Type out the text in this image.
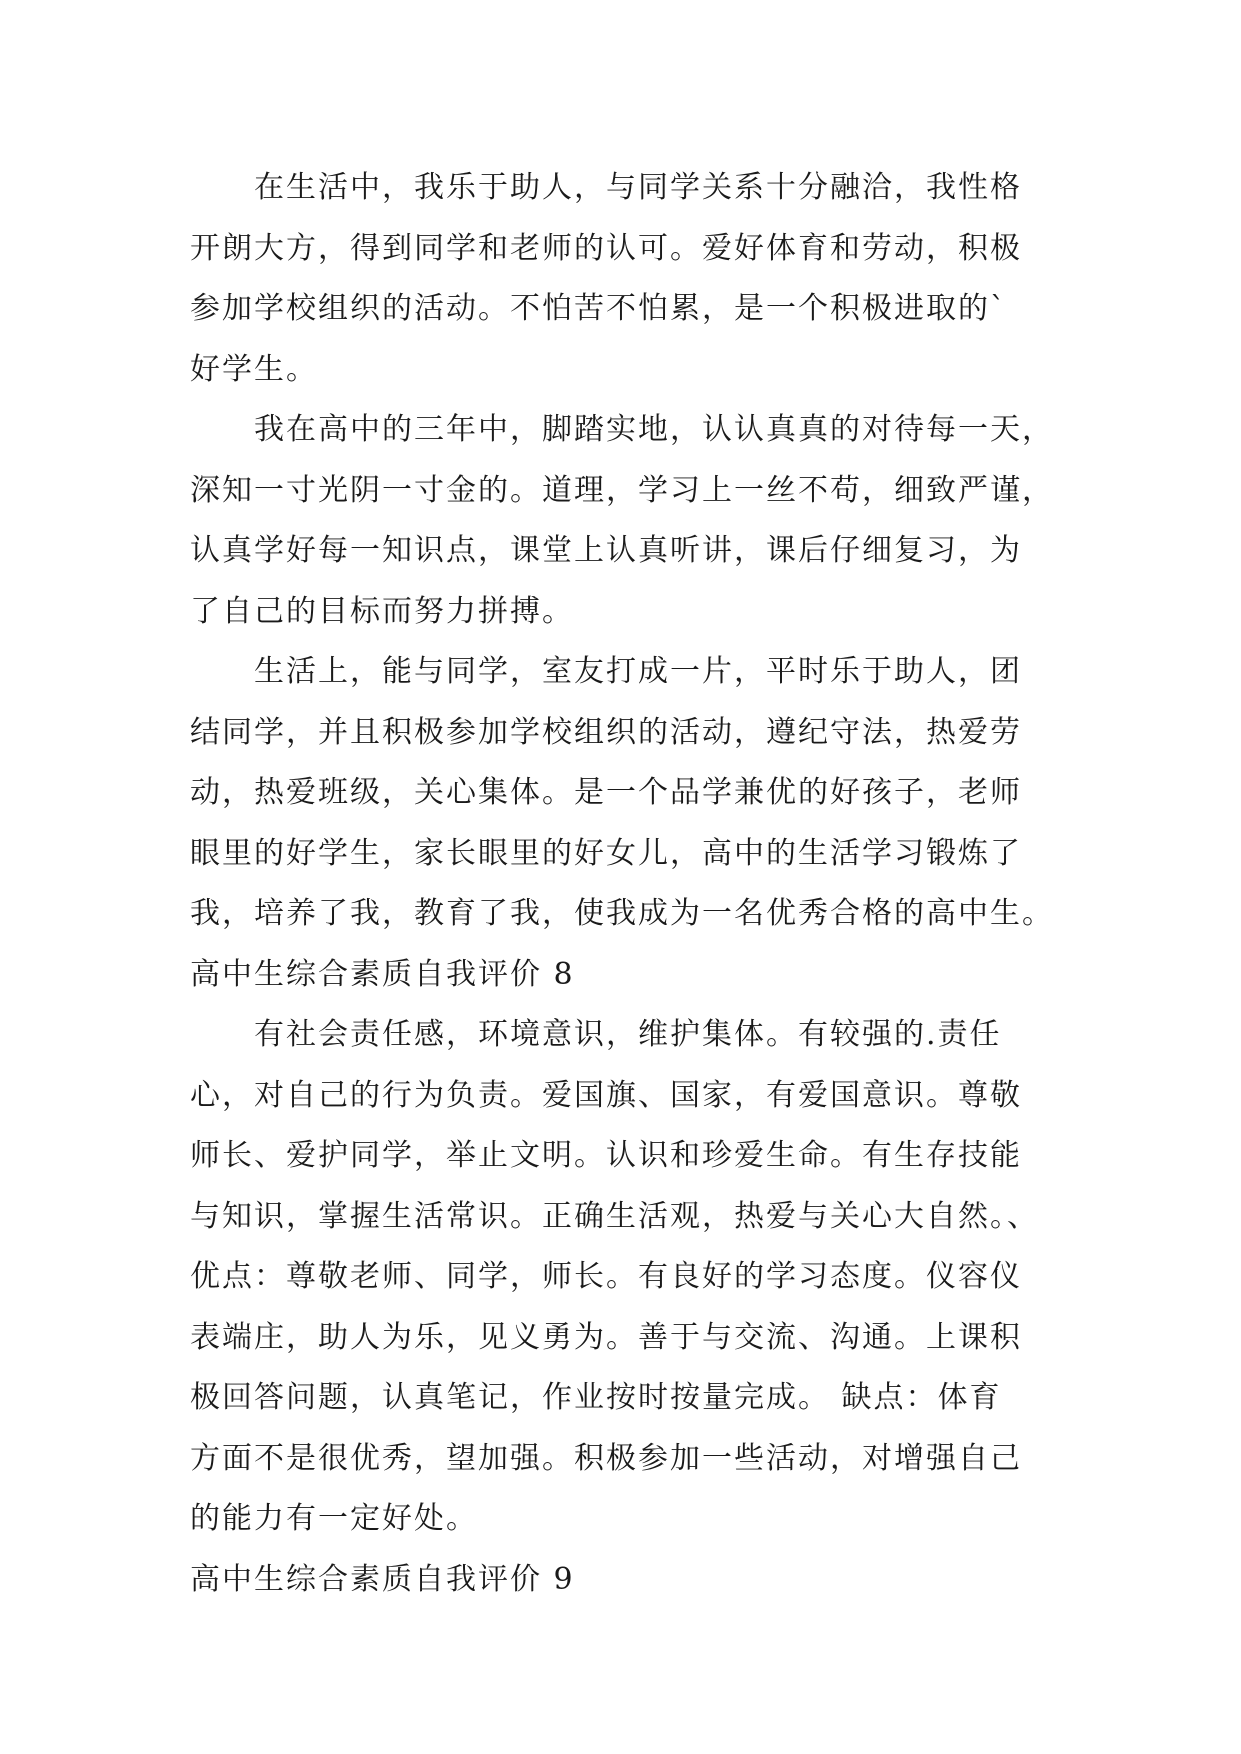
在生活中，我乐于助人，与同学关系十分融洽，我性格
开朗大方，得到同学和老师的认可。爱好体育和劳动，积极
参加学校组织的活动。不怕苦不怕累，是一个积极进取的`
好学生。
我在高中的三年中，脚踏实地，认认真真的对待每一天，
深知一寸光阴一寸金的。道理，学习上一丝不苟，细致严谨，
认真学好每一知识点，课堂上认真听讲，课后仔细复习，为
了自己的目标而努力拼搏。
生活上，能与同学，室友打成一片，平时乐于助人，团
结同学，并且积极参加学校组织的活动，遵纪守法，热爱劳
动，热爱班级，关心集体。是一个品学兼优的好孩子，老师
眼里的好学生，家长眼里的好女儿，高中的生活学习锻炼了
我，培养了我，教育了我，使我成为一名优秀合格的高中生。
高中生综合素质自我评价 8
有社会责任感，环境意识，维护集体。有较强的.责任
心，对自己的行为负责。爱国旗、国家，有爱国意识。尊敬
师长、爱护同学，举止文明。认识和珍爱生命。有生存技能
与知识，掌握生活常识。正确生活观，热爱与关心大自然。、
优点：尊敬老师、同学，师长。有良好的学习态度。仪容仪
表端庄，助人为乐，见义勇为。善于与交流、沟通。上课积
极回答问题，认真笔记，作业按时按量完成。 缺点：体育
方面不是很优秀，望加强。积极参加一些活动，对增强自己
的能力有一定好处。
高中生综合素质自我评价 9
